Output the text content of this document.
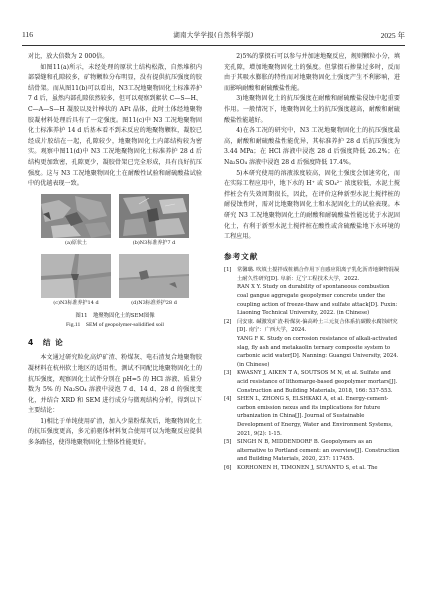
116	湖南大学学报(自然科学版)	2025 年

对比，放大倍数为 2 000倍。

如图11(a)所示，未经处理的原状土结构松散，自然堆积内部裂缝和孔隙较多，矿物颗粒分布明显，没有提供抗压强度的胶结骨架。而从图11(b)可以看出，N3工况地聚物固化土标准养护 7 d 后，虽然内部孔隙依然较多，但可以观察到絮状 C—S—H、C—A—S—H 凝胶以及针棒状的 AFt 晶体，此时土体经地聚物胶凝材料处理后具有了一定强度。图11(c)中 N3 工况地聚物固化土标准养护 14 d 后基本看不到未反应的地聚物颗粒，凝胶已经成片胶结在一起，孔隙较少，地聚物固化土内部结构较为密实。观察中图11(d)中 N3 工况地聚物固化土标准养护 28 d 后结构更加致密，孔隙更少，凝胶骨架已完全形成，具有良好抗压强度。这与 N3 工况地聚物固化土在耐酸性试验和耐硫酸盐试验中的优越表现一致。

(a)原状土	(b)N3标准养护7 d
(c)N3标准养护14 d	(d)N3标准养护28 d
图11　地聚物固化土的SEM图像
Fig.11　SEM of geopolymer-solidified soil
4　结 论

本文通过研究粒化高炉矿渣、粉煤灰、电石渣复合地聚物胶凝材料在杭州软土地区的适用性，测试不同配比地聚物固化土的抗压强度，观察固化土试件分别在 pH=5 的 HCl 溶液、质量分数为 5% 的 Na₂SO₄ 溶液中浸泡 7 d、14 d、28 d 的强度变化，并结合 XRD 和 SEM 进行成分与微观结构分析，得到以下主要结论：

1)相比于单纯使用矿渣，加入少量粉煤灰后，地聚物固化土的抗压强度更高，多元前驱体材料复合使用可以为地聚反应提供多条路径，使得地聚物固化土整体性能更好。

2)5%的掌掇石可以参与并加速地聚反应，规则颗粒小分，填充孔隙，增加地聚物固化土的强度。但掌掇石掺量过多时，反而由于其吸水膨胀的特性而对地聚物固化土强度产生不利影响，进而影响耐酸和耐硫酸盐性能。

3)地聚物固化土的抗压强度在耐酸和耐硫酸盐侵蚀中起重要作用。一般情况下，地聚物固化土的抗压强度越高，耐酸和耐硫酸盐性能越好。

4)在各工况的研究中，N3 工况地聚物固化土的抗压强度最高，耐酸和耐硫酸盐性能优异，其标准养护 28 d 后抗压强度为 3.44 MPa；在 HCl 溶液中浸泡 28 d 后强度降低 26.2%；在 Na₂SO₄ 溶液中浸泡 28 d 后强度降低 17.4%。

5)本研究使用的溶液浓度较高，固化土强度会加速劣化，而在实际工程应用中，地下水的 H⁺ 或 SO₄²⁻ 浓度较低，水泥土搅拌桩会有失效周期很长，因此，在评价这种新型水泥土搅拌桩的耐侵蚀性时，需对比地聚物固化土和水泥固化土的试验表现。本研究 N3 工况地聚物固化土的耐酸和耐硫酸盐性能远优于水泥固化土，有利于新型水泥土搅拌桩在酸性或含硫酸盐地下水环境的工程应用。

参考文献
[1] 常馨璐. 吹填土搅拌成桩耦合作用下自感应阳离子乳化沥青地聚物混凝土耐久性研究[D]. 阜新：辽宁工程技术大学，2022.
RAN X Y. Study on durability of spontaneous combustion coal gangue aggregate geopolymer concrete under the coupling action of freeze-thaw and sulfate attack[D]. Fuxin: Liaoning Technical University, 2022. (in Chinese)
[2] 闫安康. 碱激发矿渣-粉煤灰-偏高岭土三元复合体系抗碳酸水腐蚀研究[D]. 南宁：广西大学，2024.
YANG F K. Study on corrosion resistance of alkali-activated slag, fly ash and metakaolin ternary composite system to carbonic acid water[D]. Nanning: Guangxi University, 2024. (in Chinese)
[3] KWASNY J, AIKEN T A, SOUTSOS M N, et al. Sulfate and acid resistance of lithomarge-based geopolymer mortars[J]. Construction and Building Materials, 2018, 166: 537-553.
[4] SHEN L, ZHONG S, ELSHKAKI A, et al. Energy-cement-carbon emission nexus and its implications for future urbanization in China[J]. Journal of Sustainable Development of Energy, Water and Environment Systems, 2021, 9(2): 1-15.
[5] SINGH N B, MIDDENDORF B. Geopolymers as an alternative to Portland cement: an overview[J]. Construction and Building Materials, 2020, 237: 117455.
[6] KORHONEN H, TIMONEN J, SUYANTO S, et al. The
